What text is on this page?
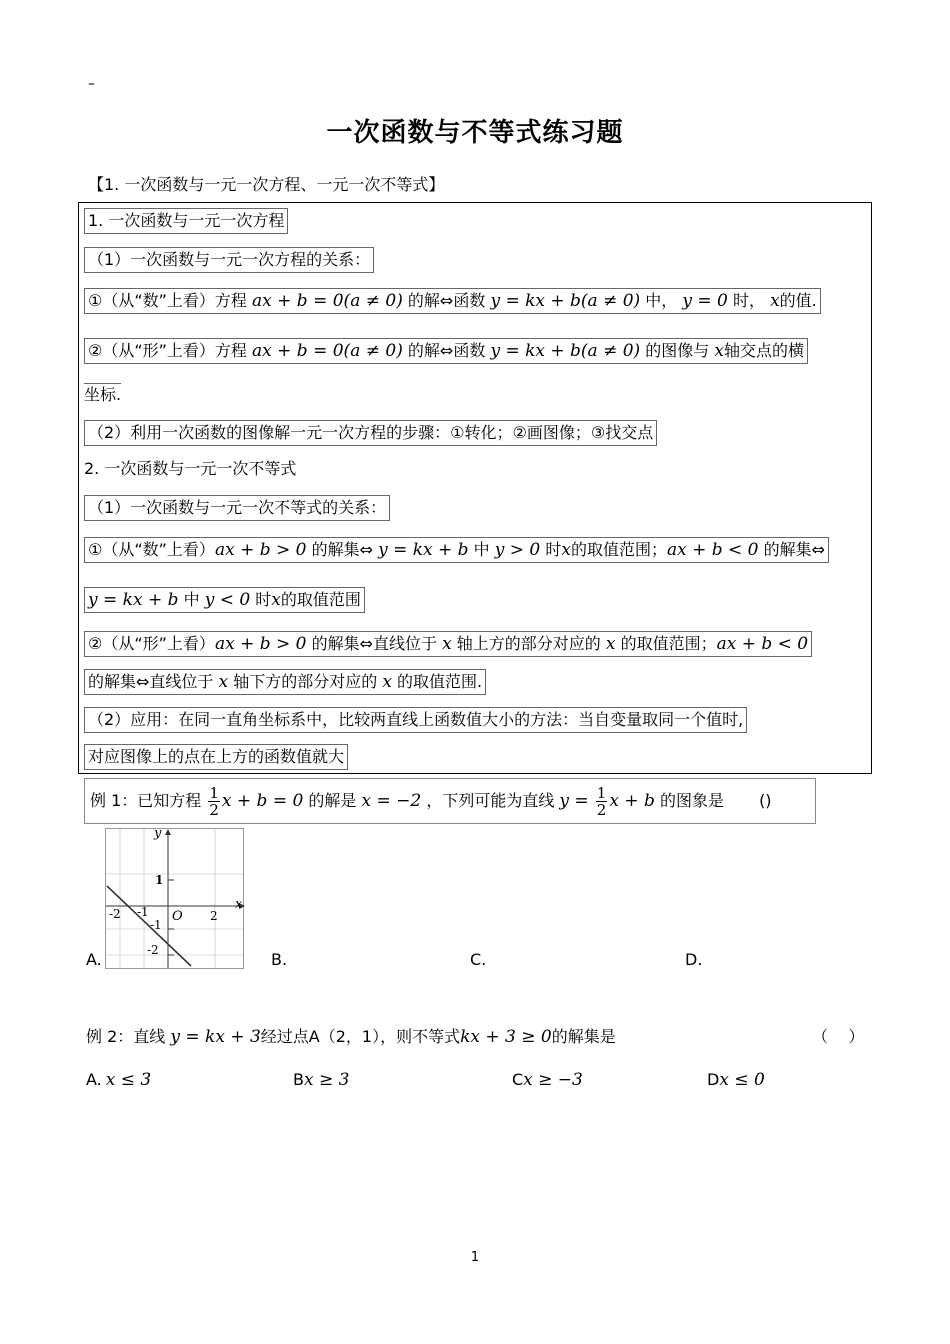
–
一次函数与不等式练习题
【1. 一次函数与一元一次方程、一元一次不等式】
1. 一次函数与一元一次方程
（1）一次函数与一元一次方程的关系：
①（从“数”上看）方程 ax + b = 0(a ≠ 0) 的解⇔函数 y = kx + b(a ≠ 0) 中， y = 0 时， x的值.
②（从“形”上看）方程 ax + b = 0(a ≠ 0) 的解⇔函数 y = kx + b(a ≠ 0) 的图像与 x轴交点的横
坐标.
（2）利用一次函数的图像解一元一次方程的步骤：①转化；②画图像；③找交点
2. 一次函数与一元一次不等式
（1）一次函数与一元一次不等式的关系：
①（从“数”上看）ax + b > 0 的解集⇔ y = kx + b 中 y > 0 时x的取值范围；ax + b < 0 的解集⇔
y = kx + b 中 y < 0 时x的取值范围
②（从“形”上看）ax + b > 0 的解集⇔直线位于 x 轴上方的部分对应的 x 的取值范围；ax + b < 0
的解集⇔直线位于 x 轴下方的部分对应的 x 的取值范围.
（2）应用：在同一直角坐标系中，比较两直线上函数值大小的方法：当自变量取同一个值时,
对应图像上的点在上方的函数值就大
例 1：已知方程 $\frac{1}{2}$ x + b = 0 的解是 x = −2 ，下列可能为直线 $y = \frac{1}{2}$ x + b 的图象是 ()
y
x
O
1
-1
-2
-2 -1	2
A.	B.	C.	D.
例 2：直线 y = kx + 3经过点A（2，1），则不等式kx + 3 ≥ 0的解集是	（    ）
A. x ≤ 3	Bx ≥ 3	Cx ≥ −3	Dx ≤ 0
1
